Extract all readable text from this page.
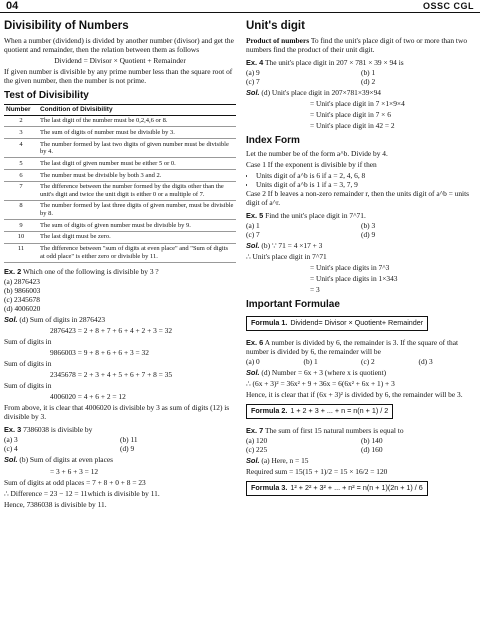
04	OSSC CGL
Divisibility of Numbers

When a number (dividend) is divided by another number (divisor) and get the quotient and remainder, then the relation between them as follows

Dividend = Divisor × Quotient + Remainder

If given number is divisible by any prime number less than the square root of the given number, then the number is not prime.

Test of Divisibility
Number	Condition of Divisibility
2	The last digit of the number must be 0,2,4,6 or 8.
3	The sum of digits of number must be divisible by 3.
4	The number formed by last two digits of given number must be divisible by 4.
5	The last digit of given number must be either 5 or 0.
6	The number must be divisible by both 3 and 2.
7	The difference between the number formed by the digits other than the unit's digit and twice the unit digit is either 0 or a multiple of 7.
8	The number formed by last three digits of given number, must be divisible by 8.
9	The sum of digits of given number must be divisible by 9.
10	The last digit must be zero.
11	The difference between "sum of digits at even place" and "Sum of digits at odd place" is either zero or divisible by 11.

Ex. 2 Which one of the following is divisible by 3 ?

(a) 2876423
(b) 9866003
(c) 2345678
(d) 4006020

Sol. (d) Sum of digits in 2876423

2876423 = 2 + 8 + 7 + 6 + 4 + 2 + 3 = 32

Sum of digits in

9866003 = 9 + 8 + 6 + 6 + 3 = 32

Sum of digits in

2345678 = 2 + 3 + 4 + 5 + 6 + 7 + 8 = 35

Sum of digits in

4006020 = 4 + 6 + 2 = 12

From above, it is clear that 4006020 is divisible by 3 as sum of digits (12) is divisible by 3.

Ex. 3 7386038 is divisible by

(a) 3	(b) 11
(c) 4	(d) 9

Sol. (b) Sum of digits at even places

= 3 + 6 + 3 = 12

Sum of digits at odd places = 7 + 8 + 0 + 8 = 23

∴ Difference = 23 − 12 = 11which is divisible by 11.

Hence, 7386038 is divisible by 11.

Unit's digit

Product of numbers To find the unit's place digit of two or more than two numbers find the product of their unit digit.

Ex. 4 The unit's place digit in 207 × 781 × 39 × 94 is

(a) 9	(b) 1
(c) 7	(d) 2

Sol. (d) Unit's place digit in 207×781×39×94

= Unit's place digit in 7 ×1×9×4

= Unit's place digit in 7 × 6

= Unit's place digit in 42 = 2

Index Form

Let the number be of the form a^b. Divide by 4.

Case 1 If the exponent is divisible by if then

• Units digit of a^b is 6 if a = 2, 4, 6, 8
• Units digit of a^b is 1 if a = 3, 7, 9

Case 2 If b leaves a non-zero remainder r, then the units digit of a^b = units digit of a^r.

Ex. 5 Find the unit's place digit in 7^71.

(a) 1	(b) 3
(c) 7	(d) 9

Sol. (b) ∵ 71 = 4 ×17 + 3

∴ Unit's place digit in 7^71

= Unit's place digits in 7^3

= Unit's place digits in 1×343

= 3

Important Formulae
Formula 1. Dividend= Divisor × Quotient+ Remainder

Ex. 6 A number is divided by 6, the remainder is 3. If the square of that number is divided by 6, the remainder will be

(a) 0	(b) 1	(c) 2	(d) 3

Sol. (d) Number = 6x + 3 (where x is quotient)

∴ (6x + 3)² = 36x² + 9 + 36x = 6(6x² + 6x + 1) + 3

Hence, it is clear that if (6x + 3)² is divided by 6, the remainder will be 3.

Formula 2. 1 + 2 + 3 + ... + n = n(n + 1) / 2

Ex. 7 The sum of first 15 natural numbers is equal to

(a) 120	(b) 140
(c) 225	(d) 160

Sol. (a) Here, n = 15

Required sum = 15(15 + 1)/2 = 15 × 16/2 = 120

Formula 3. 1² + 2² + 3² + ... + n² = n(n + 1)(2n + 1) / 6
